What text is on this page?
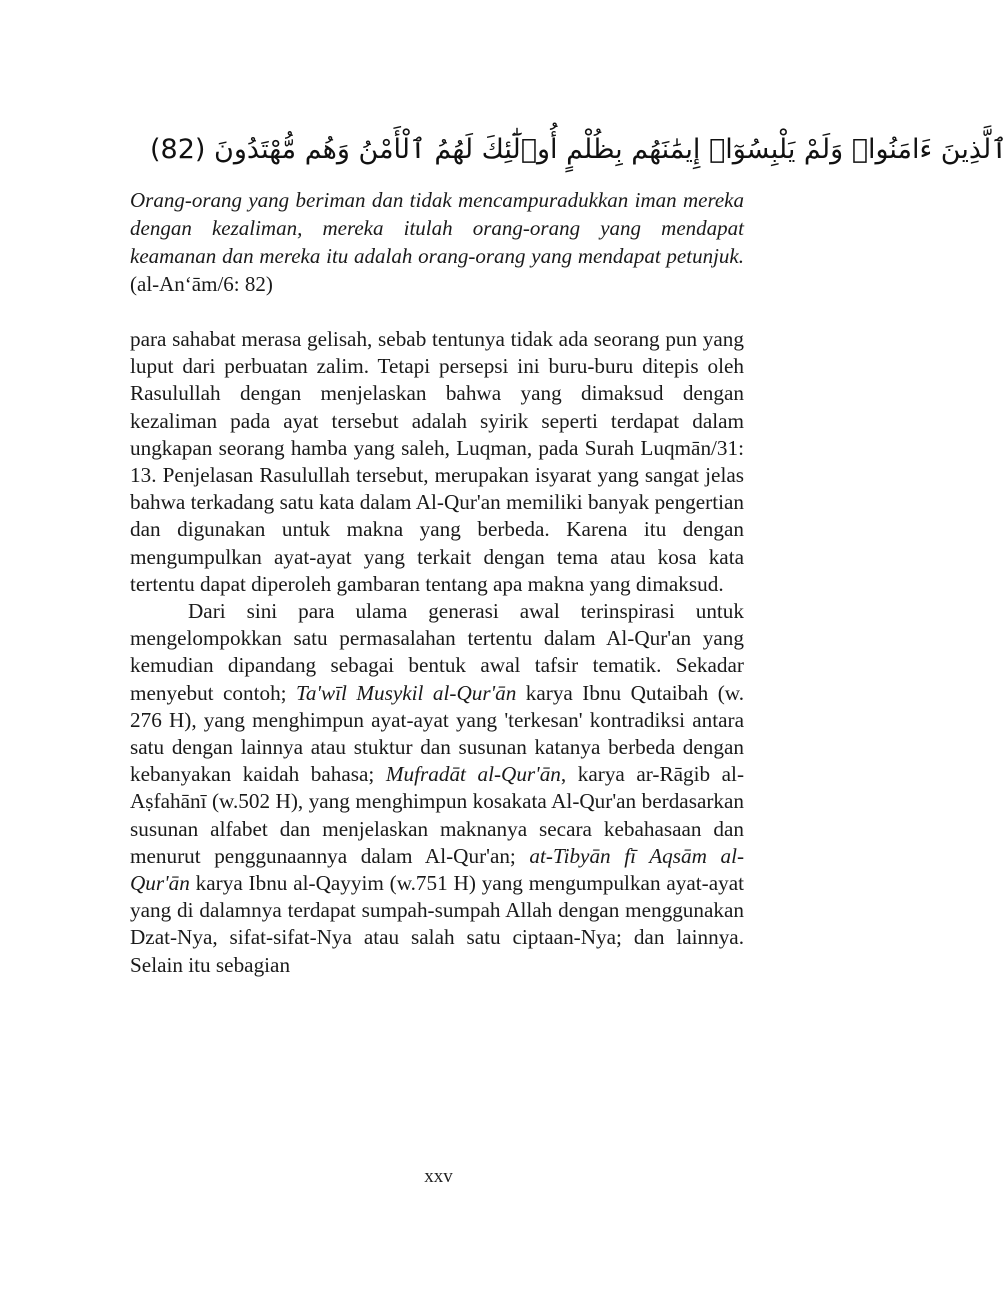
(82) ٱلَّذِينَ ءَامَنُوا۟ وَلَمْ يَلْبِسُوٓا۟ إِيمَٰنَهُم بِظُلْمٍ أُو۟لَٰٓئِكَ لَهُمُ ٱلْأَمْنُ وَهُم مُّهْتَدُونَ
Orang-orang yang beriman dan tidak mencampuradukkan iman mereka dengan kezaliman, mereka itulah orang-orang yang mendapat keamanan dan mereka itu adalah orang-orang yang mendapat petunjuk. (al-An‘ām/6: 82)

para sahabat merasa gelisah, sebab tentunya tidak ada seorang pun yang luput dari perbuatan zalim. Tetapi persepsi ini buru-buru ditepis oleh Rasulullah dengan menjelaskan bahwa yang dimaksud dengan kezaliman pada ayat tersebut adalah syirik seperti terdapat dalam ungkapan seorang hamba yang saleh, Luqman, pada Surah Luqmān/31: 13. Penjelasan Rasulullah tersebut, merupakan isyarat yang sangat jelas bahwa terkadang satu kata dalam Al-Qur'an memiliki banyak pengertian dan digunakan untuk makna yang berbeda. Karena itu dengan mengumpulkan ayat-ayat yang terkait dengan tema atau kosa kata tertentu dapat diperoleh gambaran tentang apa makna yang dimaksud.

Dari sini para ulama generasi awal terinspirasi untuk mengelompokkan satu permasalahan tertentu dalam Al-Qur'an yang kemudian dipandang sebagai bentuk awal tafsir tematik. Sekadar menyebut contoh; Ta'wīl Musykil al-Qur'ān karya Ibnu Qutaibah (w. 276 H), yang menghimpun ayat-ayat yang 'terkesan' kontradiksi antara satu dengan lainnya atau stuktur dan susunan katanya berbeda dengan kebanyakan kaidah bahasa; Mufradāt al-Qur'ān, karya ar-Rāgib al-Aṣfahānī (w.502 H), yang menghimpun kosakata Al-Qur'an berdasarkan susunan alfabet dan menjelaskan maknanya secara kebahasaan dan menurut penggunaannya dalam Al-Qur'an; at-Tibyān fī Aqsām al-Qur'ān karya Ibnu al-Qayyim (w.751 H) yang mengumpulkan ayat-ayat yang di dalamnya terdapat sumpah-sumpah Allah dengan menggunakan Dzat-Nya, sifat-sifat-Nya atau salah satu ciptaan-Nya; dan lainnya. Selain itu sebagian

xxv
